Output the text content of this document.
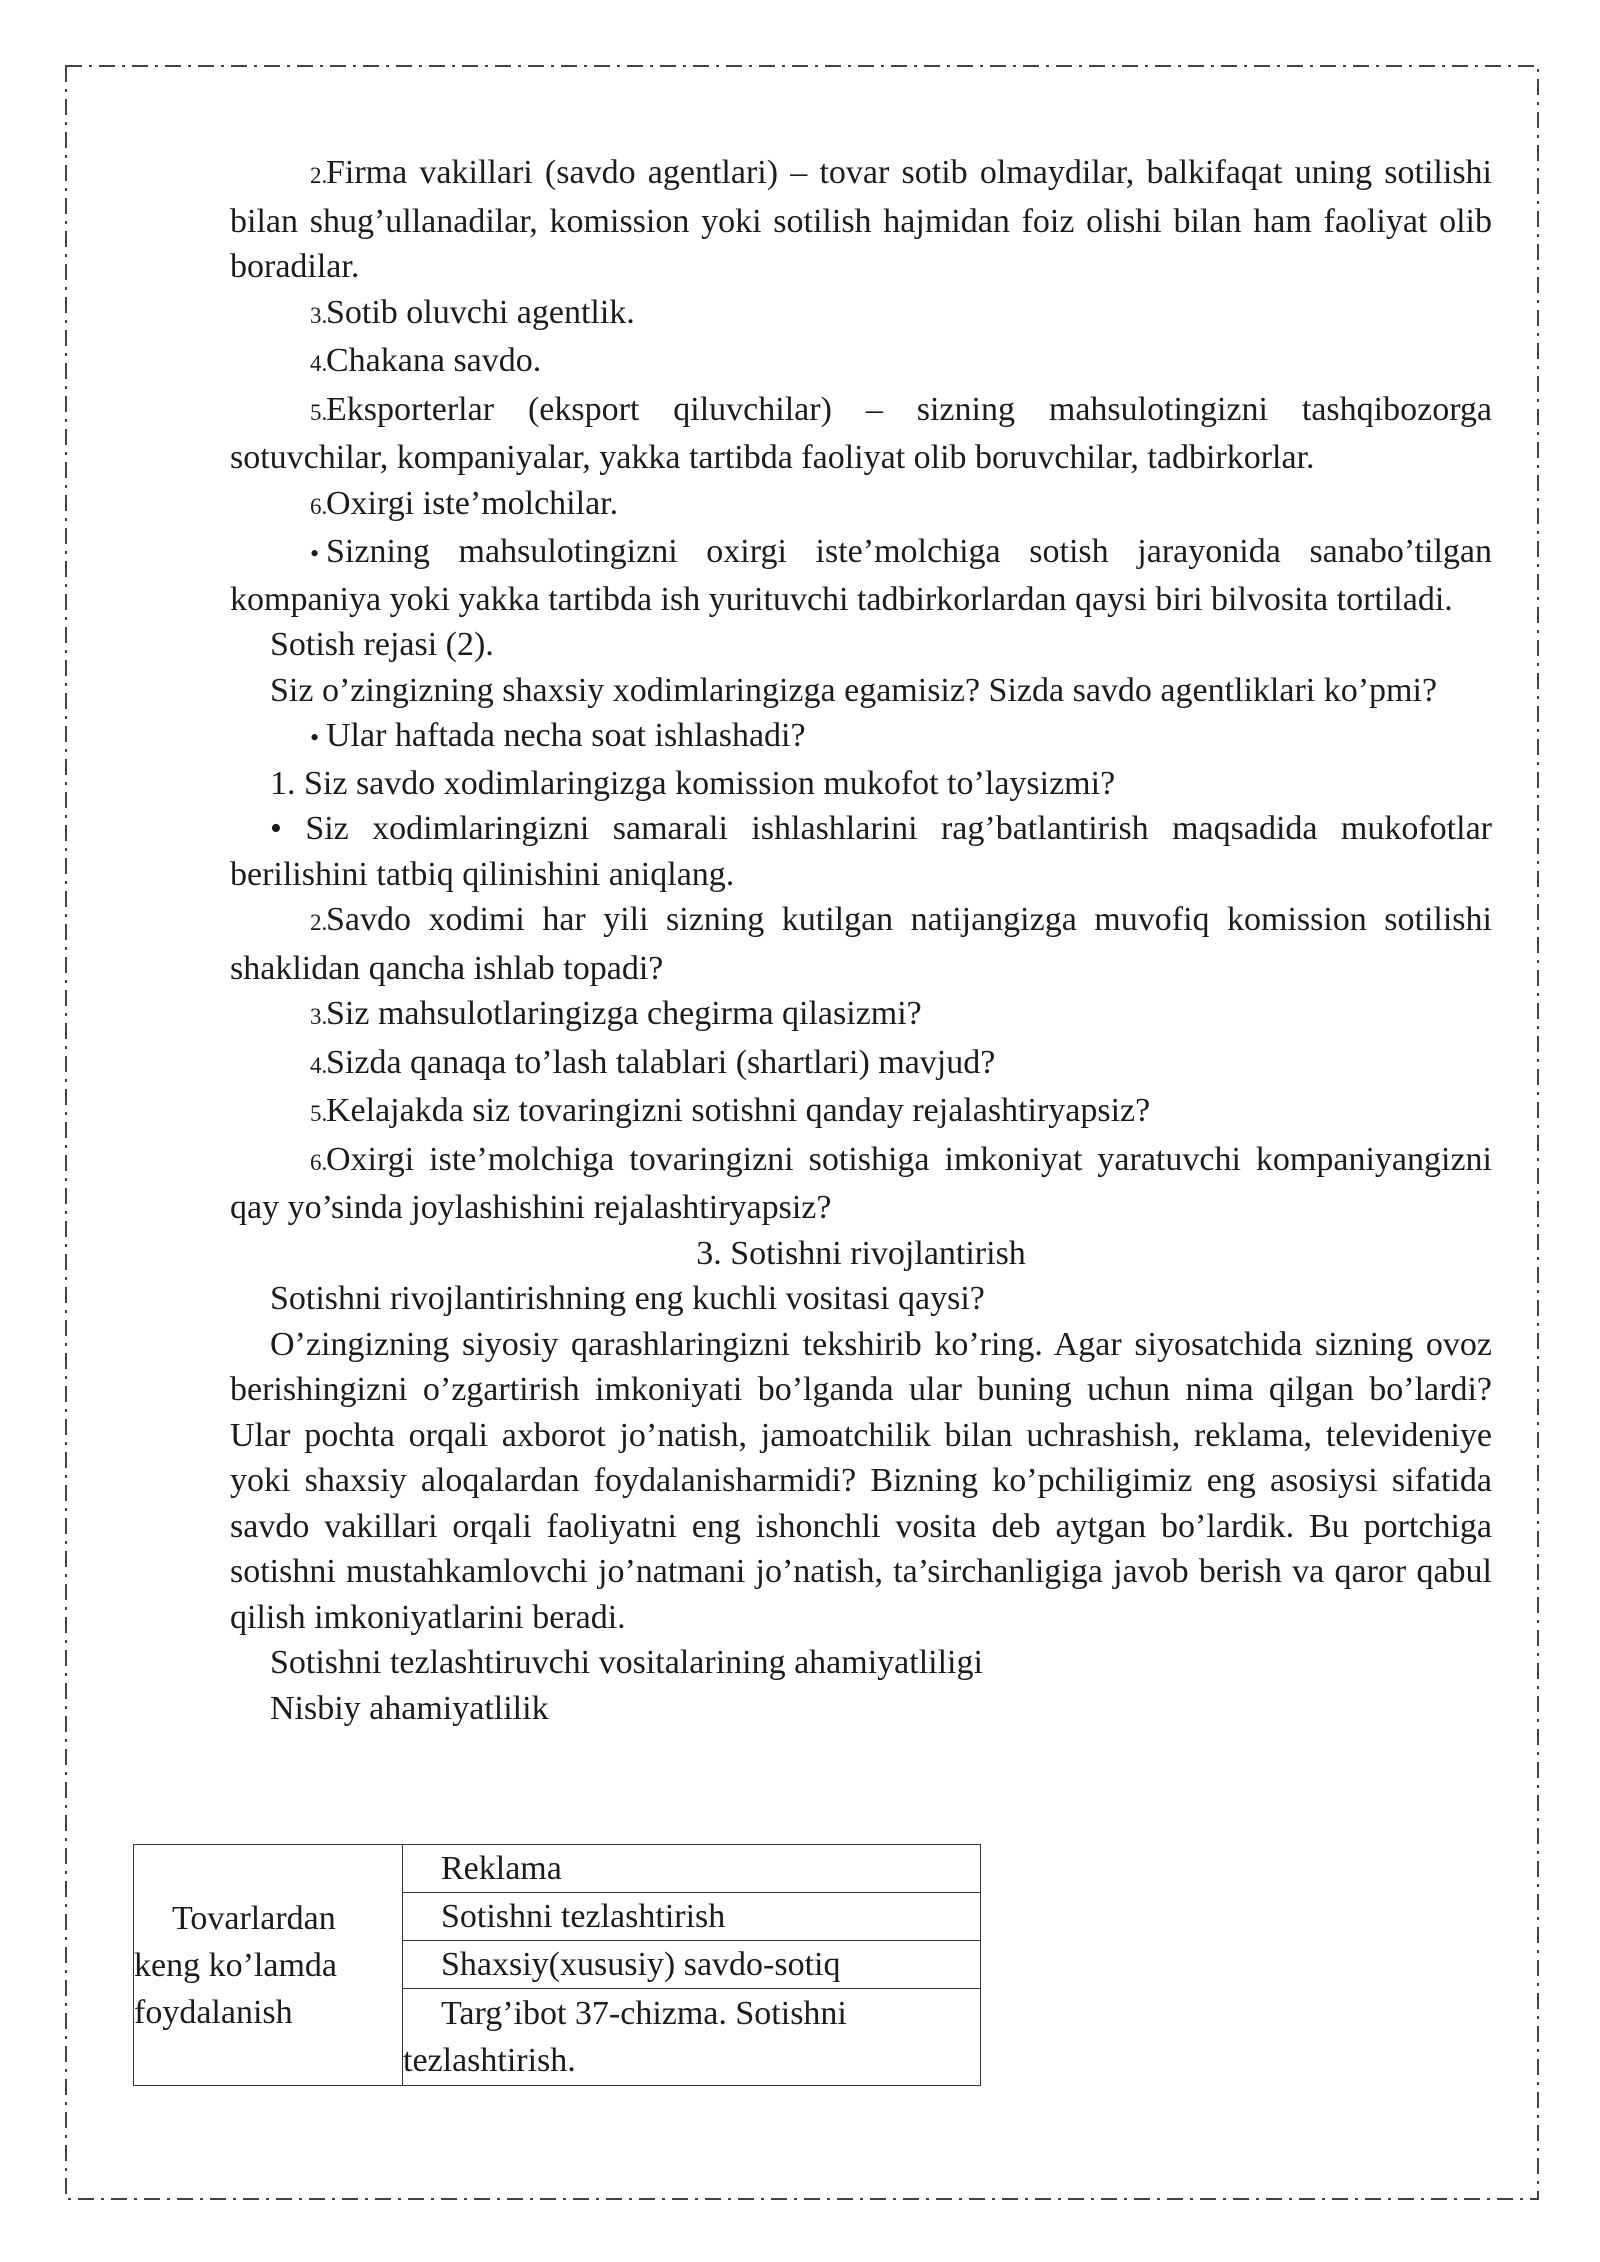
2.Firma vakillari (savdo agentlari) – tovar sotib olmaydilar, balkifaqat uning sotilishi bilan shug’ullanadilar, komission yoki sotilish hajmidan foiz olishi bilan ham faoliyat olib boradilar.

3.Sotib oluvchi agentlik.

4.Chakana savdo.

5.Eksporterlar (eksport qiluvchilar) – sizning mahsulotingizni tashqibozorga sotuvchilar, kompaniyalar, yakka tartibda faoliyat olib boruvchilar, tadbirkorlar.

6.Oxirgi iste’molchilar.

• Sizning mahsulotingizni oxirgi iste’molchiga sotish jarayonida sanabo’tilgan kompaniya yoki yakka tartibda ish yurituvchi tadbirkorlardan qaysi biri bilvosita tortiladi.

Sotish rejasi (2).

Siz o’zingizning shaxsiy xodimlaringizga egamisiz? Sizda savdo agentliklari ko’pmi?

• Ular haftada necha soat ishlashadi?

1. Siz savdo xodimlaringizga komission mukofot to’laysizmi?

• Siz xodimlaringizni samarali ishlashlarini rag’batlantirish maqsadida mukofotlar berilishini tatbiq qilinishini aniqlang.

2.Savdo xodimi har yili sizning kutilgan natijangizga muvofiq komission sotilishi shaklidan qancha ishlab topadi?

3.Siz mahsulotlaringizga chegirma qilasizmi?

4.Sizda qanaqa to’lash talablari (shartlari) mavjud?

5.Kelajakda siz tovaringizni sotishni qanday rejalashtiryapsiz?

6.Oxirgi iste’molchiga tovaringizni sotishiga imkoniyat yaratuvchi kompaniyangizni qay yo’sinda joylashishini rejalashtiryapsiz?

3. Sotishni rivojlantirish

Sotishni rivojlantirishning eng kuchli vositasi qaysi?

O’zingizning siyosiy qarashlaringizni tekshirib ko’ring. Agar siyosatchida sizning ovoz berishingizni o’zgartirish imkoniyati bo’lganda ular buning uchun nima qilgan bo’lardi? Ular pochta orqali axborot jo’natish, jamoatchilik bilan uchrashish, reklama, televideniye yoki shaxsiy aloqalardan foydalanisharmidi? Bizning ko’pchiligimiz eng asosiysi sifatida savdo vakillari orqali faoliyatni eng ishonchli vosita deb aytgan bo’lardik. Bu portchiga sotishni mustahkamlovchi jo’natmani jo’natish, ta’sirchanligiga javob berish va qaror qabul qilish imkoniyatlarini beradi.

Sotishni tezlashtiruvchi vositalarining ahamiyatliligi

Nisbiy ahamiyatlilik

Tovarlardan keng ko’lamda foydalanish	Reklama
Sotishni tezlashtirish
Shaxsiy(xususiy) savdo-sotiq
Targ’ibot 37-chizma. Sotishni tezlashtirish.
